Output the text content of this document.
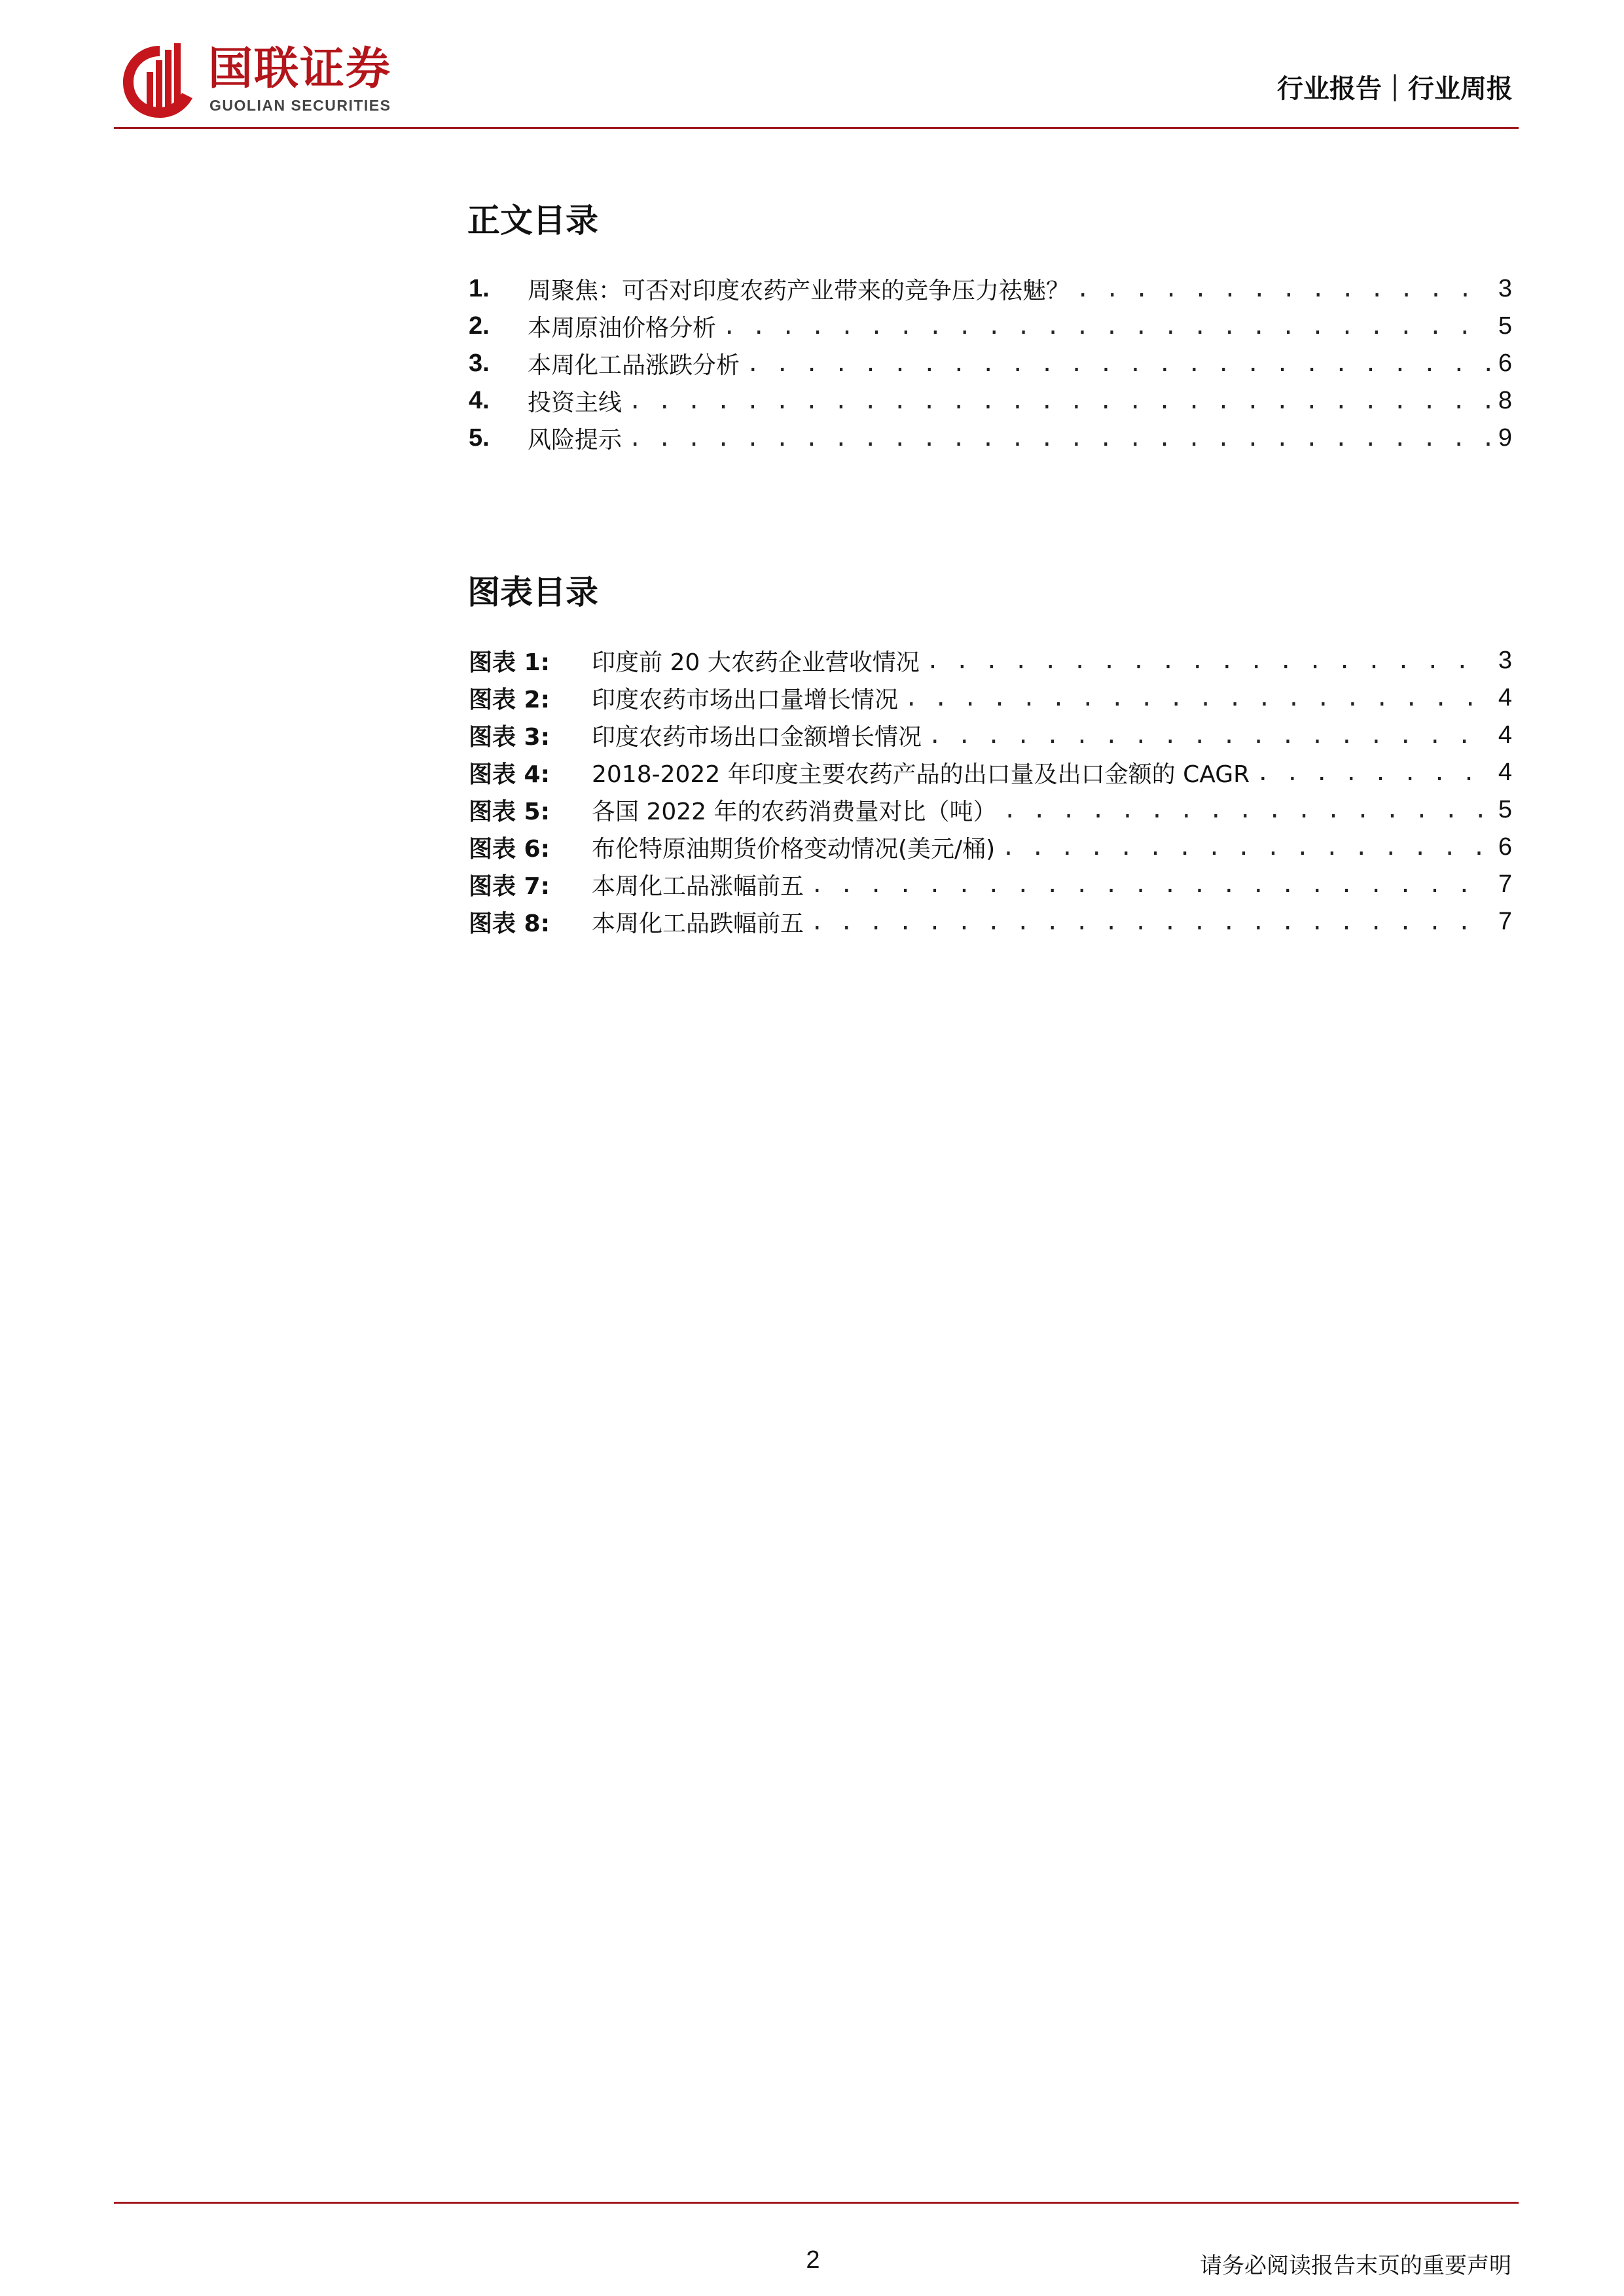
国联证券
GUOLIAN SECURITIES
行业报告｜行业周报
正文目录
1.	周聚焦：可否对印度农药产业带来的竞争压力祛魅？ . . .	3
2.	本周原油价格分析 . . .	5
3.	本周化工品涨跌分析 . . .	6
4.	投资主线 . . .	8
5.	风险提示 . . .	9
图表目录
图表 1:	印度前 20 大农药企业营收情况 . . .	3
图表 2:	印度农药市场出口量增长情况 . . .	4
图表 3:	印度农药市场出口金额增长情况 . . .	4
图表 4:	2018-2022 年印度主要农药产品的出口量及出口金额的 CAGR . . .	4
图表 5:	各国 2022 年的农药消费量对比（吨） . . .	5
图表 6:	布伦特原油期货价格变动情况(美元/桶) . . .	6
图表 7:	本周化工品涨幅前五 . . .	7
图表 8:	本周化工品跌幅前五 . . .	7
2	请务必阅读报告末页的重要声明
